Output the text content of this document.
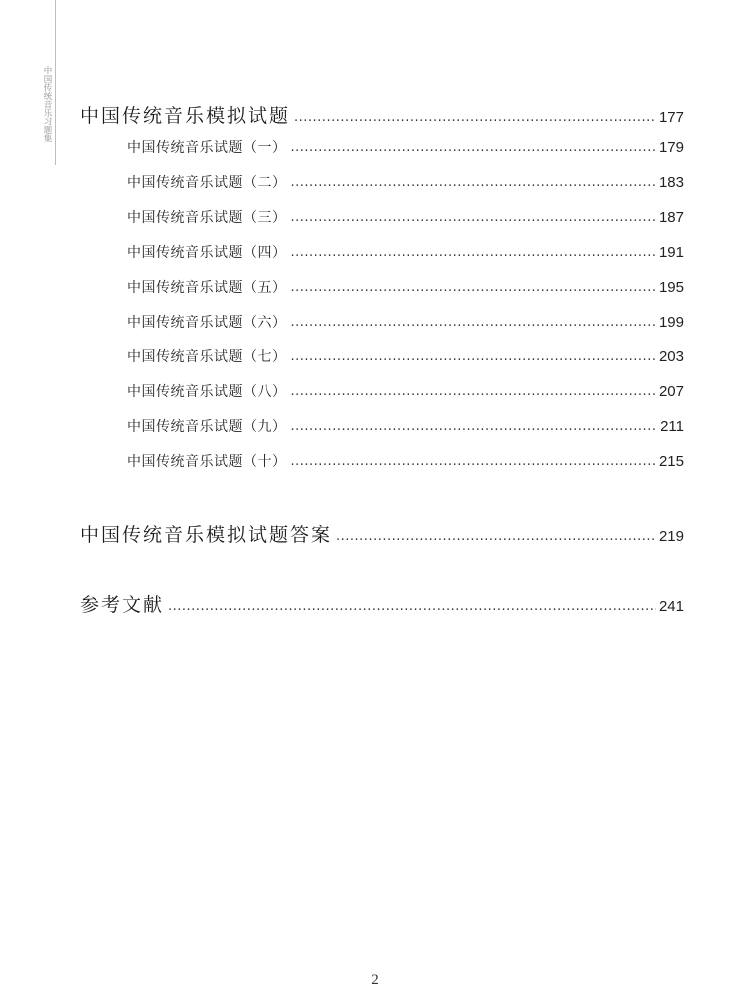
中国传统音乐习题集 中国传统音乐模拟试题 .....	177
中国传统音乐试题（一） .....	179
中国传统音乐试题（二） .....	183
中国传统音乐试题（三） .....	187
中国传统音乐试题（四） .....	191
中国传统音乐试题（五） .....	195
中国传统音乐试题（六） .....	199
中国传统音乐试题（七） .....	203
中国传统音乐试题（八） .....	207
中国传统音乐试题（九） .....	211
中国传统音乐试题（十） .....	215
中国传统音乐模拟试题答案 .....	219
参考文献 .....	241
2
